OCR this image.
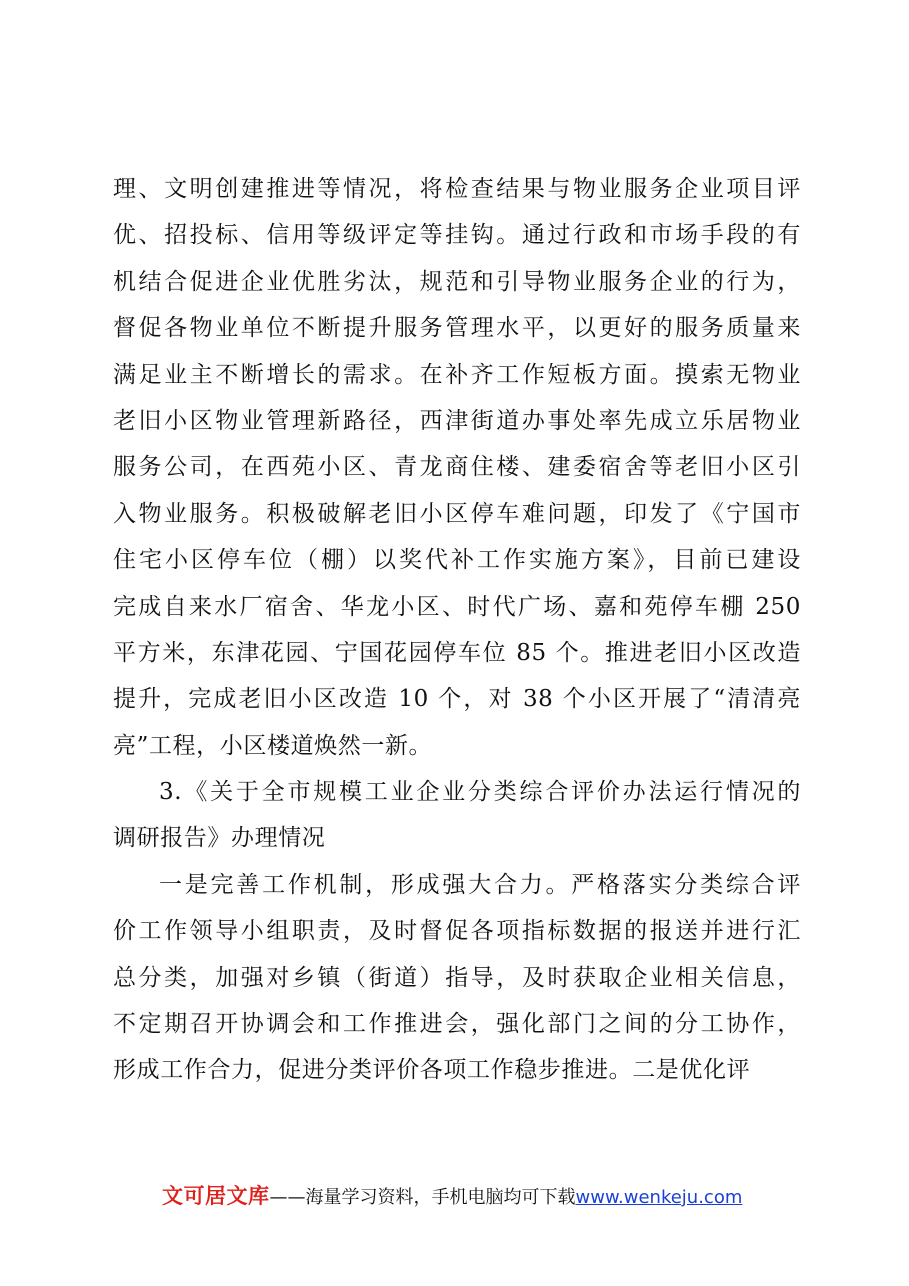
理、文明创建推进等情况，将检查结果与物业服务企业项目评
优、招投标、信用等级评定等挂钩。通过行政和市场手段的有
机结合促进企业优胜劣汰，规范和引导物业服务企业的行为，
督促各物业单位不断提升服务管理水平，以更好的服务质量来
满足业主不断增长的需求。在补齐工作短板方面。摸索无物业
老旧小区物业管理新路径，西津街道办事处率先成立乐居物业
服务公司，在西苑小区、青龙商住楼、建委宿舍等老旧小区引
入物业服务。积极破解老旧小区停车难问题，印发了《宁国市
住宅小区停车位（棚）以奖代补工作实施方案》，目前已建设
完成自来水厂宿舍、华龙小区、时代广场、嘉和苑停车棚 250
平方米，东津花园、宁国花园停车位 85 个。推进老旧小区改造
提升，完成老旧小区改造 10 个，对 38 个小区开展了“清清亮
亮”工程，小区楼道焕然一新。
3.《关于全市规模工业企业分类综合评价办法运行情况的
调研报告》办理情况
一是完善工作机制，形成强大合力。严格落实分类综合评
价工作领导小组职责，及时督促各项指标数据的报送并进行汇
总分类，加强对乡镇（街道）指导，及时获取企业相关信息，
不定期召开协调会和工作推进会，强化部门之间的分工协作，
形成工作合力，促进分类评价各项工作稳步推进。二是优化评
文可居文库——海量学习资料，手机电脑均可下载www.wenkeju.com
